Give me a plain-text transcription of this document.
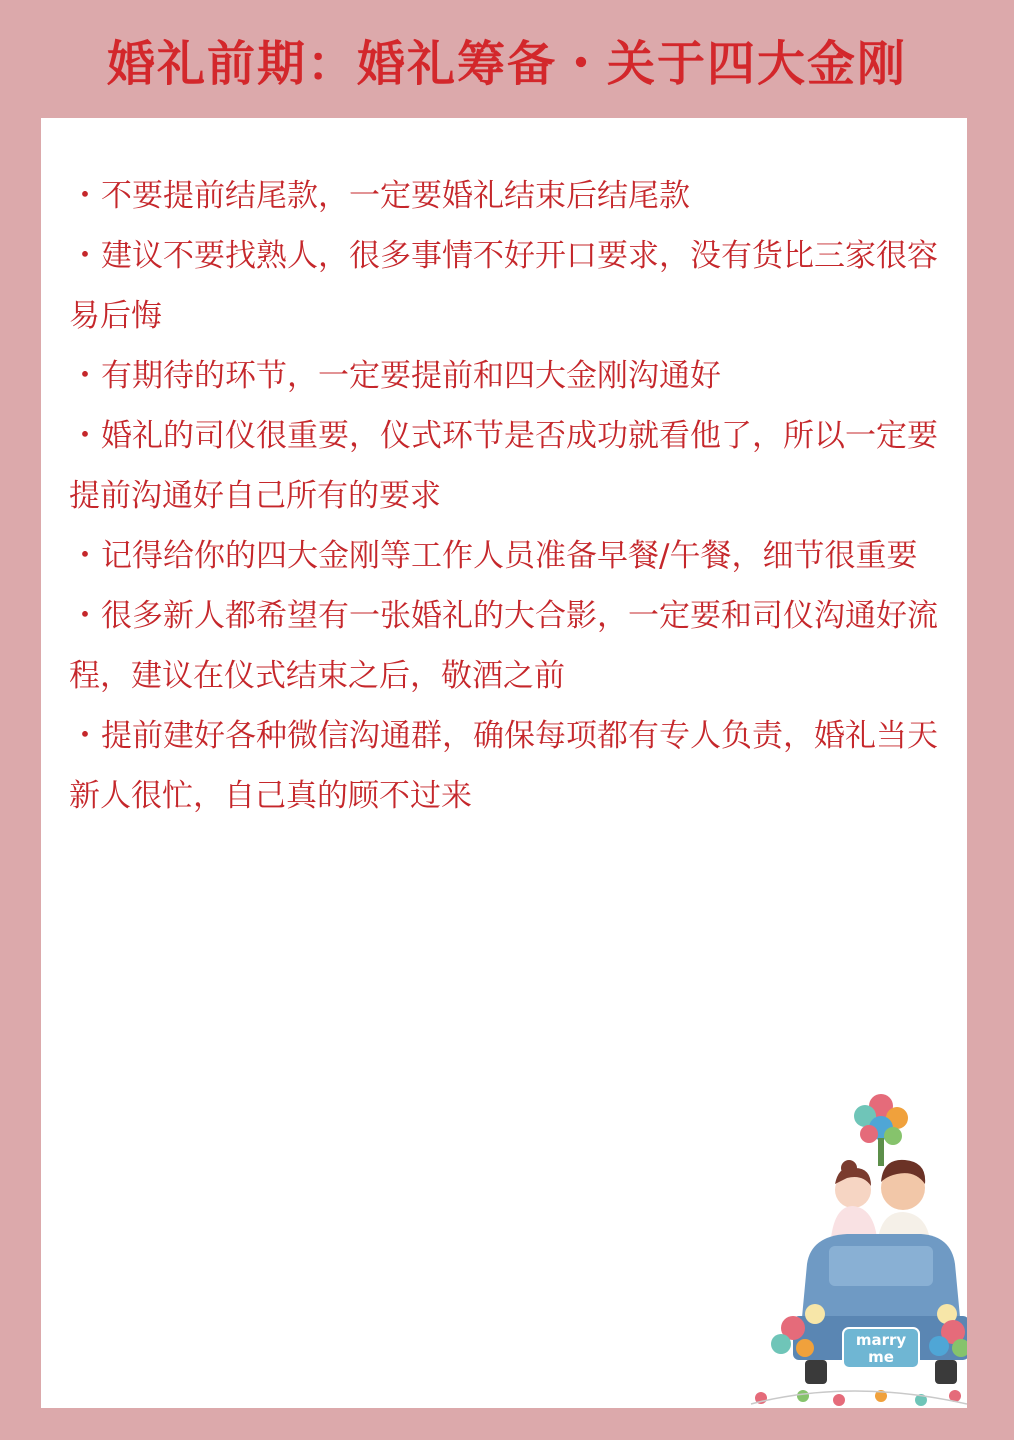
婚礼前期：婚礼筹备・关于四大金刚

・不要提前结尾款，一定要婚礼结束后结尾款

・建议不要找熟人，很多事情不好开口要求，没有货比三家很容易后悔

・有期待的环节，一定要提前和四大金刚沟通好

・婚礼的司仪很重要，仪式环节是否成功就看他了，所以一定要提前沟通好自己所有的要求

・记得给你的四大金刚等工作人员准备早餐/午餐，细节很重要

・很多新人都希望有一张婚礼的大合影，一定要和司仪沟通好流程，建议在仪式结束之后，敬酒之前

・提前建好各种微信沟通群，确保每项都有专人负责，婚礼当天新人很忙，自己真的顾不过来

marry
me
